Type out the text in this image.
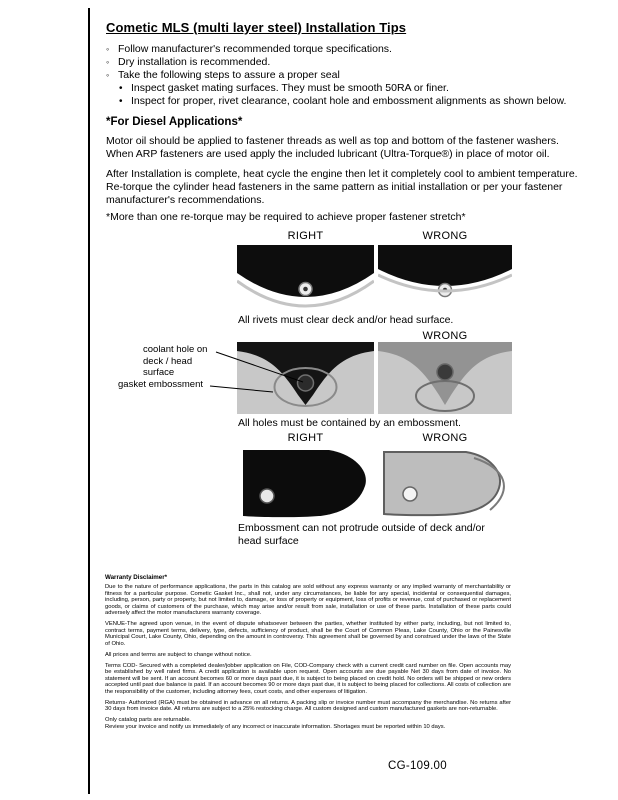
Cometic MLS (multi layer steel) Installation Tips
◦ Follow manufacturer's recommended torque specifications.
◦ Dry installation is recommended.
◦ Take the following steps to assure a proper seal
• Inspect gasket mating surfaces. They must be smooth 50RA or finer.
• Inspect for proper, rivet clearance, coolant hole and embossment alignments as shown below.
*For Diesel Applications*
Motor oil should be applied to fastener threads as well as top and bottom of the fastener washers. When ARP fasteners are used apply the included lubricant (Ultra-Torque®) in place of motor oil.
After Installation is complete, heat cycle the engine then let it completely cool to ambient temperature. Re-torque the cylinder head fasteners in the same pattern as initial installation or per your fastener manufacturer's recommendations.
*More than one re-torque may be required to achieve proper fastener stretch*
RIGHT	WRONG
All rivets must clear deck and/or head surface.
WRONG
coolant hole on
deck / head surface
gasket embossment
All holes must be contained by an embossment.
RIGHT	WRONG
Embossment can not protrude outside of deck and/or head surface
Warranty Disclaimer*

Due to the nature of performance applications, the parts in this catalog are sold without any express warranty or any implied warranty of merchantability or fitness for a particular purpose. Cometic Gasket Inc., shall not, under any circumstances, be liable for any special, incidental or consequential damages, including, person, party or property, but not limited to, damage, or loss of property or equipment, loss of profits or revenue, cost of purchased or replacement goods, or claims of customers of the purchase, which may arise and/or result from sale, installation or use of these parts. Installation of these parts could adversely affect the motor manufacturers warranty coverage.

VENUE-The agreed upon venue, in the event of dispute whatsoever between the parties, whether instituted by either party, including, but not limited to, contract terms, payment terms, delivery, type, defects, sufficiency of product, shall be the Court of Common Pleas, Lake County, Ohio or the Painesville Municipal Court, Lake County, Ohio, depending on the amount in controversy. This agreement shall be governed by and construed under the laws of the State of Ohio.

All prices and terms are subject to change without notice.

Terms COD- Secured with a completed dealer/jobber application on File, COD-Company check with a current credit card number on file. Open accounts may be established by well rated firms. A credit application is available upon request. Open accounts are due payable Net 30 days from date of invoice. No statement will be sent. If an account becomes 60 or more days past due, it is subject to being placed on credit hold. No orders will be shipped or new orders accepted until past due balance is paid. If an account becomes 90 or more days past due, it is subject to being placed for collections. All costs of collection are the responsibility of the customer, including attorney fees, court costs, and other expenses of litigation.

Returns- Authorized (RGA) must be obtained in advance on all returns. A packing slip or invoice number must accompany the merchandise. No returns after 30 days from invoice date. All returns are subject to a 25% restocking charge. All custom designed and custom manufactured gaskets are non-returnable.

Only catalog parts are returnable.

Review your invoice and notify us immediately of any incorrect or inaccurate information. Shortages must be reported within 10 days.

CG-109.00
